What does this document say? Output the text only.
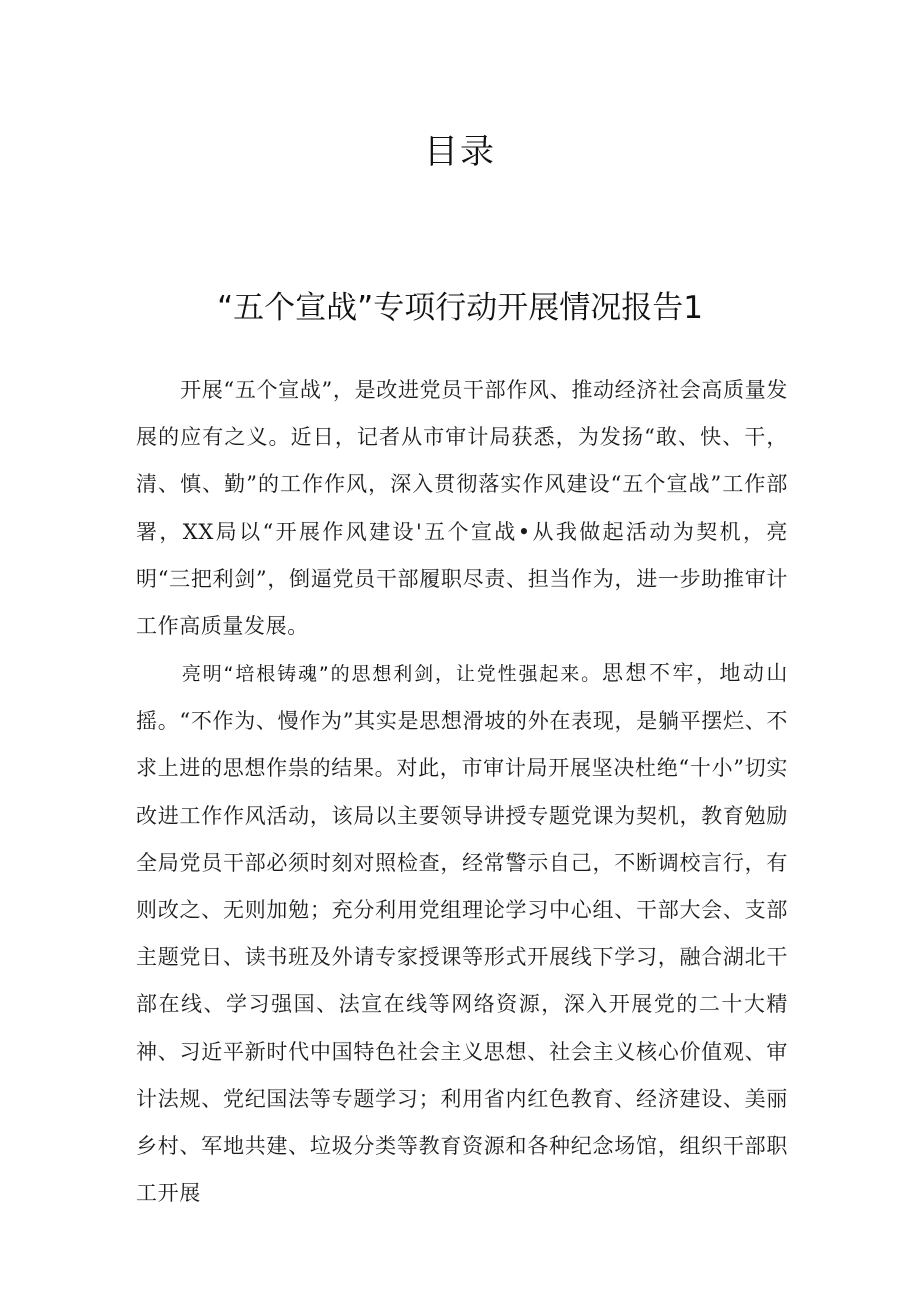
目录
“五个宣战”专项行动开展情况报告1
开展“五个宣战”，是改进党员干部作风、推动经济社会高质量发展的应有之义。近日，记者从市审计局获悉，为发扬“敢、快、干，清、慎、勤”的工作作风，深入贯彻落实作风建设“五个宣战”工作部署，XX局以“开展作风建设'五个宣战•从我做起活动为契机，亮明“三把利剑”，倒逼党员干部履职尽责、担当作为，进一步助推审计工作高质量发展。
亮明“培根铸魂”的思想利剑，让党性强起来。思想不牢，地动山摇。“不作为、慢作为”其实是思想滑坡的外在表现，是躺平摆烂、不求上进的思想作祟的结果。对此，市审计局开展坚决杜绝“十小”切实改进工作作风活动，该局以主要领导讲授专题党课为契机，教育勉励全局党员干部必须时刻对照检查，经常警示自己，不断调校言行，有则改之、无则加勉；充分利用党组理论学习中心组、干部大会、支部主题党日、读书班及外请专家授课等形式开展线下学习，融合湖北干部在线、学习强国、法宣在线等网络资源，深入开展党的二十大精神、习近平新时代中国特色社会主义思想、社会主义核心价值观、审计法规、党纪国法等专题学习；利用省内红色教育、经济建设、美丽乡村、军地共建、垃圾分类等教育资源和各种纪念场馆，组织干部职工开展
